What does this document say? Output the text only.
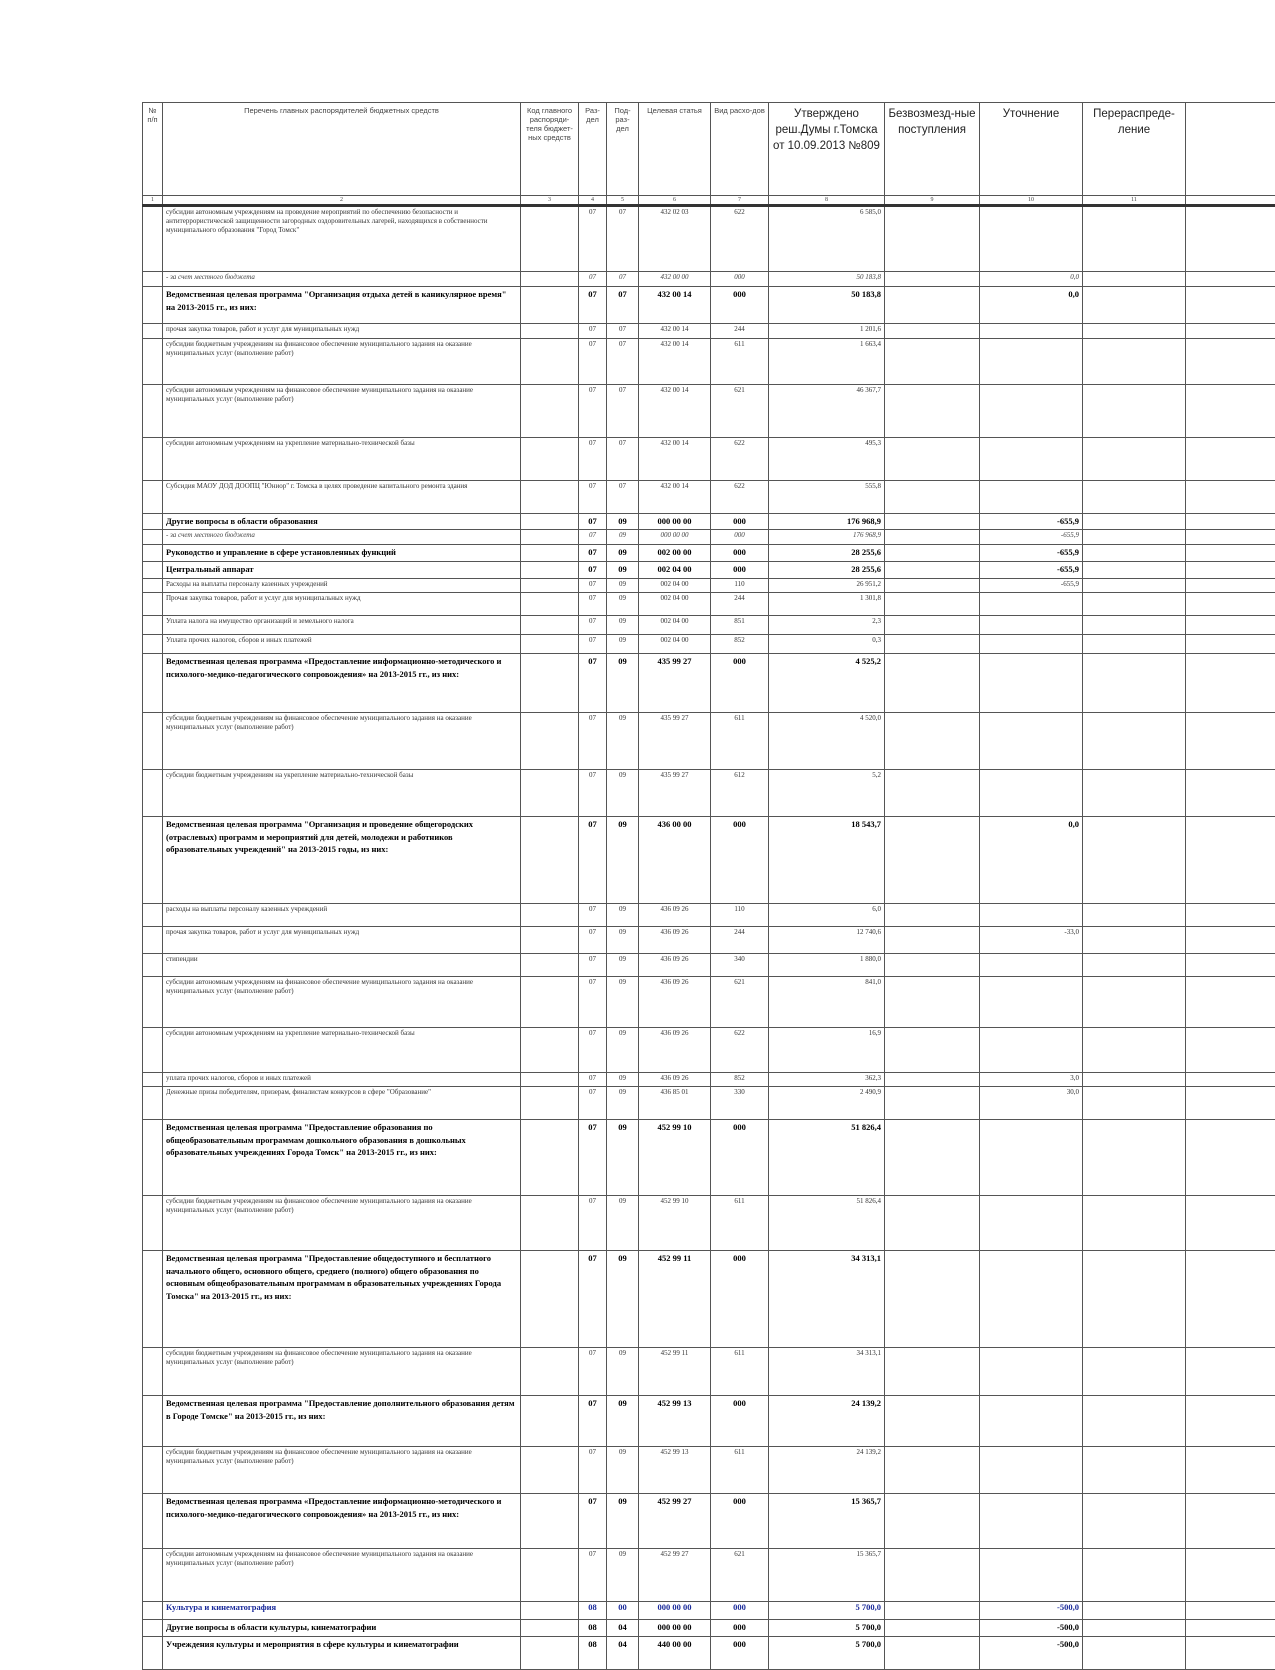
№ п/п	Перечень главных распорядителей бюджетных средств	Код главного распоряди-теля бюджет-ных средств	Раз-дел	Под-раз-дел	Целевая статья	Вид расхо-дов	Утверждено реш.Думы г.Томска от 10.09.2013 №809	Безвозмезд-ные поступления	Уточнение	Перераспреде-ление	
1	2	3	4	5	6	7	8	9	10	11	
	субсидии автономным учреждениям на проведение мероприятий по обеспечению безопасности и антитеррористической защищенности загородных оздоровительных лагерей, находящихся в собственности муниципального образования "Город Томск"		07	07	432 02 03	622	6 585,0				
	- за счет местного бюджета		07	07	432 00 00	000	50 183,8		0,0		
	Ведомственная целевая программа "Организация отдыха детей в каникулярное время" на 2013-2015 гг., из них:		07	07	432 00 14	000	50 183,8		0,0		
	прочая закупка товаров, работ и услуг для муниципальных нужд		07	07	432 00 14	244	1 201,6				
	субсидии бюджетным учреждениям на финансовое обеспечение муниципального задания на оказание муниципальных услуг (выполнение работ)		07	07	432 00 14	611	1 663,4				
	субсидии автономным учреждениям на финансовое обеспечение муниципального задания на оказание муниципальных услуг (выполнение работ)		07	07	432 00 14	621	46 367,7				
	субсидии автономным учреждениям на укрепление материально-технической базы		07	07	432 00 14	622	495,3				
	Субсидия МАОУ ДОД ДООПЦ "Юниор" г. Томска в целях проведение капитального ремонта здания		07	07	432 00 14	622	555,8				
	Другие вопросы в области образования		07	09	000 00 00	000	176 968,9		-655,9		
	- за счет местного бюджета		07	09	000 00 00	000	176 968,9		-655,9		
	Руководство и управление в сфере установленных функций		07	09	002 00 00	000	28 255,6		-655,9		
	Центральный аппарат		07	09	002 04 00	000	28 255,6		-655,9		
	Расходы на выплаты персоналу казенных учреждений		07	09	002 04 00	110	26 951,2		-655,9		
	Прочая закупка товаров, работ и услуг для муниципальных нужд		07	09	002 04 00	244	1 301,8				
	Уплата налога на имущество организаций и земельного налога		07	09	002 04 00	851	2,3				
	Уплата прочих налогов, сборов и иных платежей		07	09	002 04 00	852	0,3				
	Ведомственная целевая программа «Предоставление информационно-методического и психолого-медико-педагогического сопровождения» на 2013-2015 гг., из них:		07	09	435 99 27	000	4 525,2				
	субсидии бюджетным учреждениям на финансовое обеспечение муниципального задания на оказание муниципальных услуг (выполнение работ)		07	09	435 99 27	611	4 520,0				
	субсидии бюджетным учреждениям на укрепление материально-технической базы		07	09	435 99 27	612	5,2				
	Ведомственная целевая программа "Организация и проведение общегородских (отраслевых) программ и мероприятий для детей, молодежи и работников образовательных учреждений" на 2013-2015 годы, из них:		07	09	436 00 00	000	18 543,7		0,0		
	расходы на выплаты персоналу казенных учреждений		07	09	436 09 26	110	6,0				
	прочая закупка товаров, работ и услуг для муниципальных нужд		07	09	436 09 26	244	12 740,6		-33,0		
	стипендии		07	09	436 09 26	340	1 880,0				
	субсидии автономным учреждениям на финансовое обеспечение муниципального задания на оказание муниципальных услуг (выполнение работ)		07	09	436 09 26	621	841,0				
	субсидии автономным учреждениям на укрепление материально-технической базы		07	09	436 09 26	622	16,9				
	уплата прочих налогов, сборов и иных платежей		07	09	436 09 26	852	362,3		3,0		
	Денежные призы победителям, призерам, финалистам конкурсов в сфере "Образование"		07	09	436 85 01	330	2 490,9		30,0		
	Ведомственная целевая программа "Предоставление образования по общеобразовательным программам дошкольного образования в дошкольных образовательных учреждениях Города Томск" на 2013-2015 гг., из них:		07	09	452 99 10	000	51 826,4				
	субсидии бюджетным учреждениям на финансовое обеспечение муниципального задания на оказание муниципальных услуг (выполнение работ)		07	09	452 99 10	611	51 826,4				
	Ведомственная целевая программа "Предоставление общедоступного и бесплатного начального общего, основного общего, среднего (полного) общего образования по основным общеобразовательным программам в образовательных учреждениях Города Томска" на 2013-2015 гг., из них:		07	09	452 99 11	000	34 313,1				
	субсидии бюджетным учреждениям на финансовое обеспечение муниципального задания на оказание муниципальных услуг (выполнение работ)		07	09	452 99 11	611	34 313,1				
	Ведомственная целевая программа "Предоставление дополнительного образования детям в Городе Томске" на 2013-2015 гг., из них:		07	09	452 99 13	000	24 139,2				
	субсидии бюджетным учреждениям на финансовое обеспечение муниципального задания на оказание муниципальных услуг (выполнение работ)		07	09	452 99 13	611	24 139,2				
	Ведомственная целевая программа «Предоставление информационно-методического и психолого-медико-педагогического сопровождения» на 2013-2015 гг., из них:		07	09	452 99 27	000	15 365,7				
	субсидии автономным учреждениям на финансовое обеспечение муниципального задания на оказание муниципальных услуг (выполнение работ)		07	09	452 99 27	621	15 365,7				
	Культура и кинематография		08	00	000 00 00	000	5 700,0		-500,0		
	Другие вопросы в области культуры, кинематографии		08	04	000 00 00	000	5 700,0		-500,0		
	Учреждения культуры и мероприятия в сфере культуры и кинематографии		08	04	440 00 00	000	5 700,0		-500,0		
